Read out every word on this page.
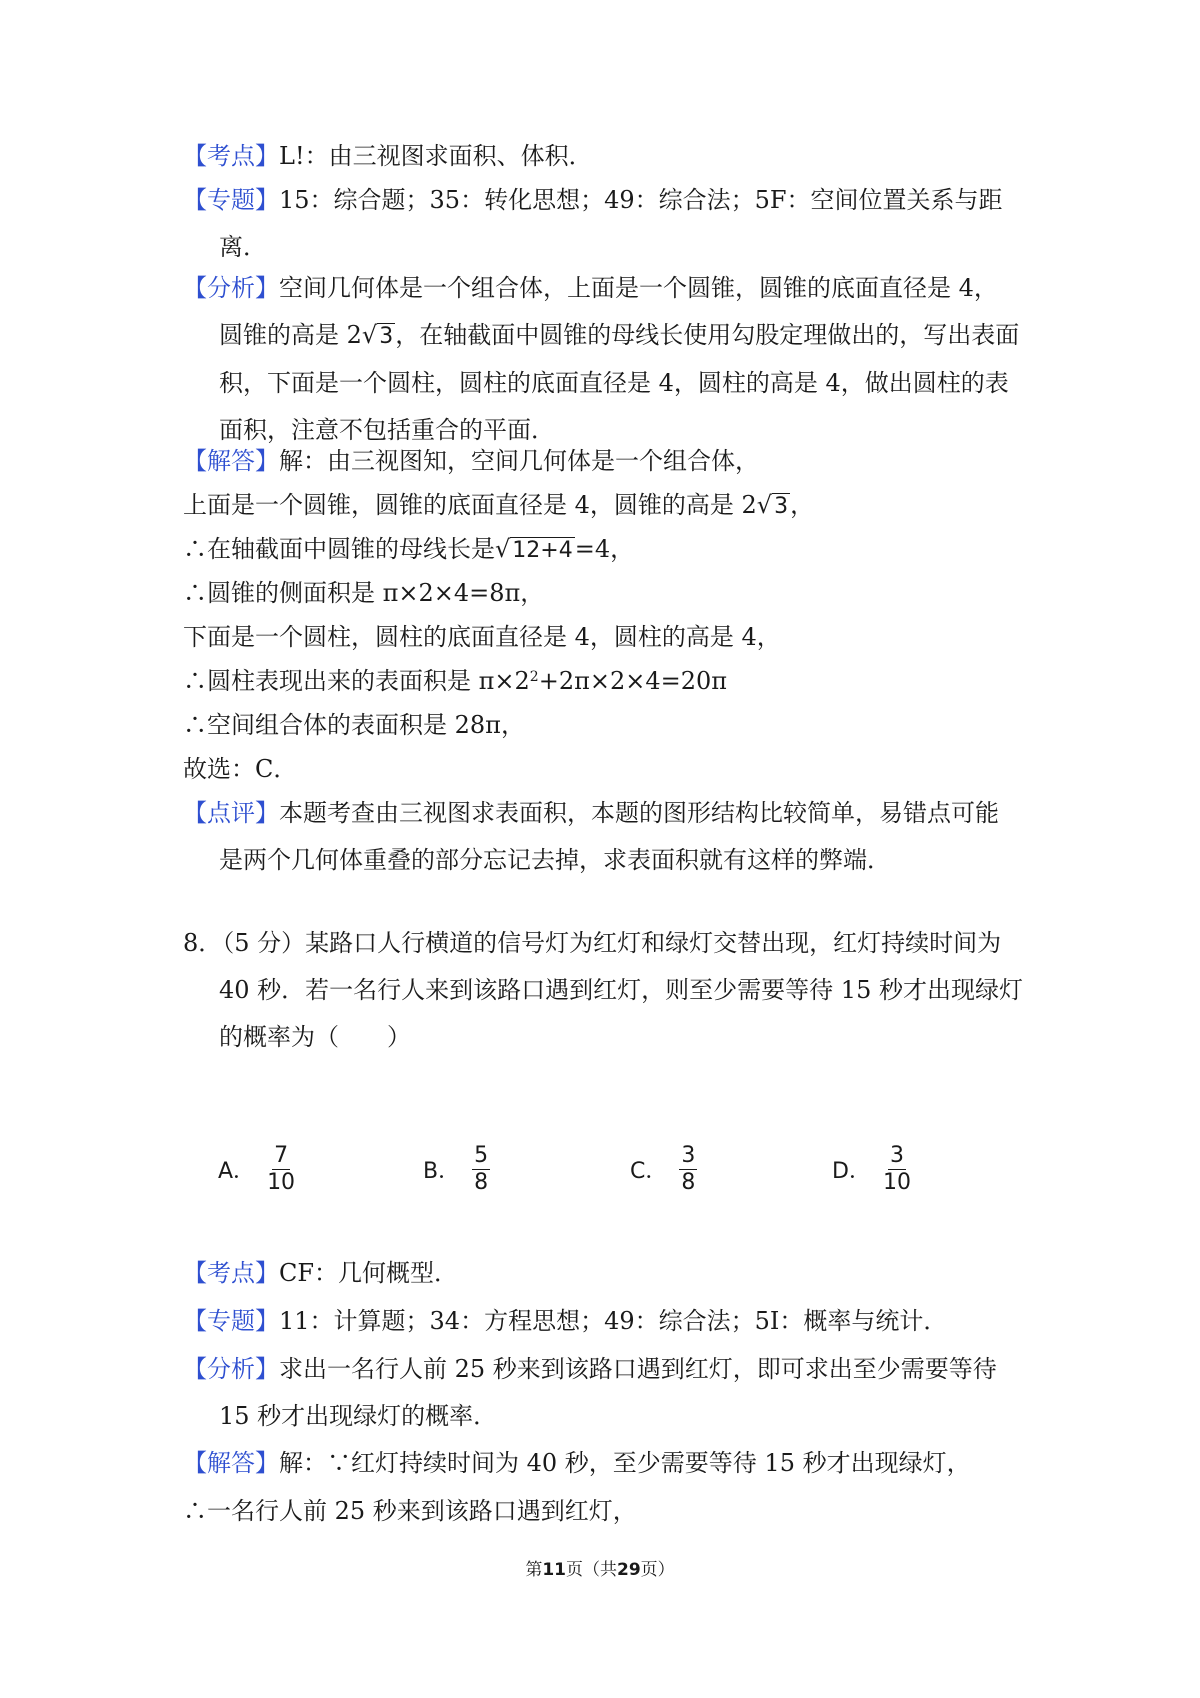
【考点】L!：由三视图求面积、体积．
【专题】15：综合题；35：转化思想；49：综合法；5F：空间位置关系与距
离．
【分析】空间几何体是一个组合体，上面是一个圆锥，圆锥的底面直径是 4，
圆锥的高是 2√3，在轴截面中圆锥的母线长使用勾股定理做出的，写出表面
积，下面是一个圆柱，圆柱的底面直径是 4，圆柱的高是 4，做出圆柱的表
面积，注意不包括重合的平面．
【解答】解：由三视图知，空间几何体是一个组合体，
上面是一个圆锥，圆锥的底面直径是 4，圆锥的高是 2√3，
∴在轴截面中圆锥的母线长是√12+4=4，
∴圆锥的侧面积是 π×2×4=8π，
下面是一个圆柱，圆柱的底面直径是 4，圆柱的高是 4，
∴圆柱表现出来的表面积是 $\pi\times 2^2+2\pi\times 2\times 4=20\pi$
∴空间组合体的表面积是 28π，
故选：C．
【点评】本题考查由三视图求表面积，本题的图形结构比较简单，易错点可能
是两个几何体重叠的部分忘记去掉，求表面积就有这样的弊端．
8．（5 分）某路口人行横道的信号灯为红灯和绿灯交替出现，红灯持续时间为
40 秒．若一名行人来到该路口遇到红灯，则至少需要等待 15 秒才出现绿灯
的概率为（　　）
A． $\frac{7}{10}$	B． $\frac{5}{8}$	C． $\frac{3}{8}$	D． $\frac{3}{10}$
【考点】CF：几何概型．
【专题】11：计算题；34：方程思想；49：综合法；5I：概率与统计．
【分析】求出一名行人前 25 秒来到该路口遇到红灯，即可求出至少需要等待
15 秒才出现绿灯的概率．
【解答】解：∵红灯持续时间为 40 秒，至少需要等待 15 秒才出现绿灯，
∴一名行人前 25 秒来到该路口遇到红灯，
第11页（共29页）
